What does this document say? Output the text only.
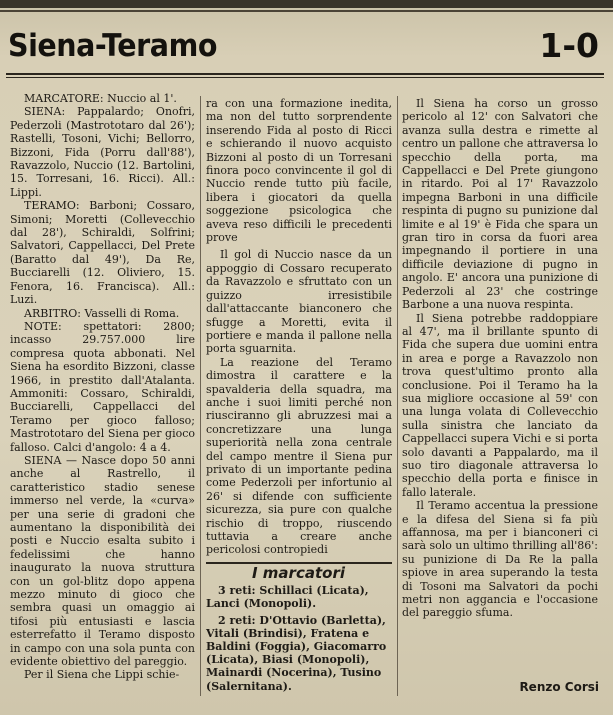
Siena-Teramo	1-0

MARCATORE: Nuccio al 1'.

SIENA: Pappalardo; Onofri, Pederzoli (Mastrototaro dal 26'); Rastelli, Tosoni, Vichi; Bellorro, Bizzoni, Fida (Porru dall'88'), Ravazzolo, Nuccio (12. Bartolini, 15. Torresani, 16. Ricci). All.: Lippi.

TERAMO: Barboni; Cossaro, Simoni; Moretti (Collevecchio dal 28'), Schiraldi, Solfrini; Salvatori, Cappellacci, Del Prete (Baratto dal 49'), Da Re, Bucciarelli (12. Oliviero, 15. Fenora, 16. Francisca). All.: Luzi.

ARBITRO: Vasselli di Roma.

NOTE: spettatori: 2800; incasso 29.757.000 lire compresa quota abbonati. Nel Siena ha esordito Bizzoni, classe 1966, in prestito dall'Atalanta. Ammoniti: Cossaro, Schiraldi, Bucciarelli, Cappellacci del Teramo per gioco falloso; Mastrototaro del Siena per gioco falloso. Calci d'angolo: 4 a 4.

SIENA — Nasce dopo 50 anni anche al Rastrello, il caratteristico stadio senese immerso nel verde, la «curva» per una serie di gradoni che aumentano la disponibilità dei posti e Nuccio esalta subito i fedelissimi che hanno inaugurato la nuova struttura con un gol-blitz dopo appena mezzo minuto di gioco che sembra quasi un omaggio ai tifosi più entusiasti e lascia esterrefatto il Teramo disposto in campo con una sola punta con evidente obiettivo del pareggio.

Per il Siena che Lippi schie-

ra con una formazione inedita, ma non del tutto sorprendente inserendo Fida al posto di Ricci e schierando il nuovo acquisto Bizzoni al posto di un Torresani finora poco convincente il gol di Nuccio rende tutto più facile, libera i giocatori da quella soggezione psicologica che aveva reso difficili le precedenti prove

Il gol di Nuccio nasce da un appoggio di Cossaro recuperato da Ravazzolo e sfruttato con un guizzo irresistibile dall'attaccante bianconero che sfugge a Moretti, evita il portiere e manda il pallone nella porta sguarnita.

La reazione del Teramo dimostra il carattere e la spavalderia della squadra, ma anche i suoi limiti perché non riusciranno gli abruzzesi mai a concretizzare una lunga superiorità nella zona centrale del campo mentre il Siena pur privato di un importante pedina come Pederzoli per infortunio al 26' si difende con sufficiente sicurezza, sia pure con qualche rischio di troppo, riuscendo tuttavia a creare anche pericolosi contropiedi

I marcatori

3 reti: Schillaci (Licata), Lanci (Monopoli).

2 reti: D'Ottavio (Barletta), Vitali (Brindisi), Fratena e Baldini (Foggia), Giacomarro (Licata), Biasi (Monopoli), Mainardi (Nocerina), Tusino (Salernitana).

Il Siena ha corso un grosso pericolo al 12' con Salvatori che avanza sulla destra e rimette al centro un pallone che attraversa lo specchio della porta, ma Cappellacci e Del Prete giungono in ritardo. Poi al 17' Ravazzolo impegna Barboni in una difficile respinta di pugno su punizione dal limite e al 19' è Fida che spara un gran tiro in corsa da fuori area impegnando il portiere in una difficile deviazione di pugno in angolo. E' ancora una punizione di Pederzoli al 23' che costringe Barbone a una nuova respinta.

Il Siena potrebbe raddoppiare al 47', ma il brillante spunto di Fida che supera due uomini entra in area e porge a Ravazzolo non trova quest'ultimo pronto alla conclusione. Poi il Teramo ha la sua migliore occasione al 59' con una lunga volata di Collevecchio sulla sinistra che lanciato da Cappellacci supera Vichi e si porta solo davanti a Pappalardo, ma il suo tiro diagonale attraversa lo specchio della porta e finisce in fallo laterale.

Il Teramo accentua la pressione e la difesa del Siena si fa più affannosa, ma per i bianconeri ci sarà solo un ultimo thrilling all'86': su punizione di Da Re la palla spiove in area superando la testa di Tosoni ma Salvatori da pochi metri non aggancia e l'occasione del pareggio sfuma.

Renzo Corsi
